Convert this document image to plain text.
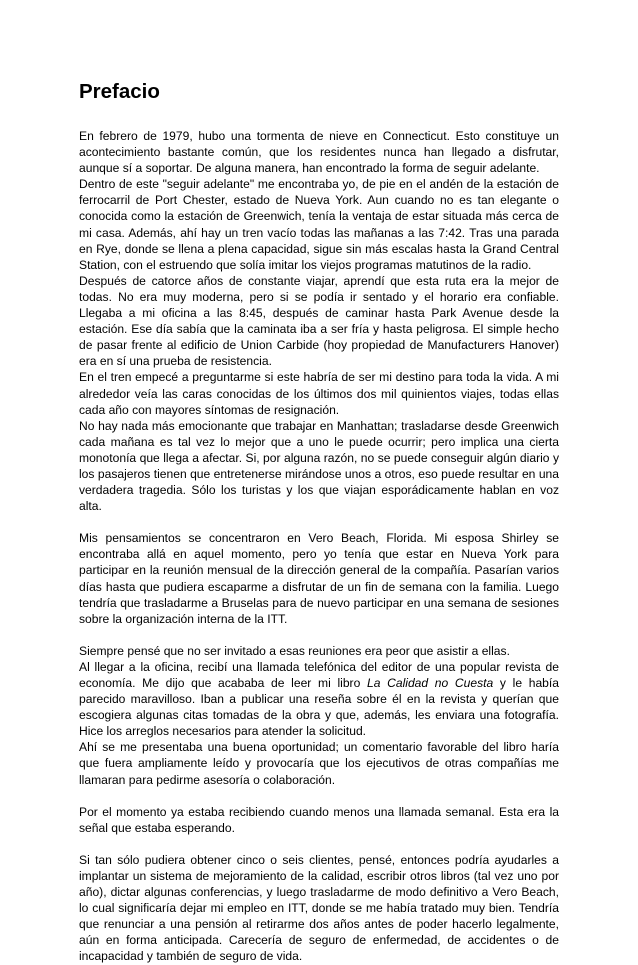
Prefacio

En febrero de 1979, hubo una tormenta de nieve en Connecticut. Esto constituye un acontecimiento bastante común, que los residentes nunca han llegado a disfrutar, aunque sí a soportar. De alguna manera, han encontrado la forma de seguir adelante.

Dentro de este "seguir adelante" me encontraba yo, de pie en el andén de la estación de ferrocarril de Port Chester, estado de Nueva York. Aun cuando no es tan elegante o conocida como la estación de Greenwich, tenía la ventaja de estar situada más cerca de mi casa. Además, ahí hay un tren vacío todas las mañanas a las 7:42. Tras una parada en Rye, donde se llena a plena capacidad, sigue sin más escalas hasta la Grand Central Station, con el estruendo que solía imitar los viejos programas matutinos de la radio.

Después de catorce años de constante viajar, aprendí que esta ruta era la mejor de todas. No era muy moderna, pero si se podía ir sentado y el horario era confiable. Llegaba a mi oficina a las 8:45, después de caminar hasta Park Avenue desde la estación. Ese día sabía que la caminata iba a ser fría y hasta peligrosa. El simple hecho de pasar frente al edificio de Union Carbide (hoy propiedad de Manufacturers Hanover) era en sí una prueba de resistencia.

En el tren empecé a preguntarme si este habría de ser mi destino para toda la vida. A mi alrededor veía las caras conocidas de los últimos dos mil quinientos viajes, todas ellas cada año con mayores síntomas de resignación.

No hay nada más emocionante que trabajar en Manhattan; trasladarse desde Greenwich cada mañana es tal vez lo mejor que a uno le puede ocurrir; pero implica una cierta monotonía que llega a afectar. Si, por alguna razón, no se puede conseguir algún diario y los pasajeros tienen que entretenerse mirándose unos a otros, eso puede resultar en una verdadera tragedia. Sólo los turistas y los que viajan esporádicamente hablan en voz alta.

Mis pensamientos se concentraron en Vero Beach, Florida. Mi esposa Shirley se encontraba allá en aquel momento, pero yo tenía que estar en Nueva York para participar en la reunión mensual de la dirección general de la compañía. Pasarían varios días hasta que pudiera escaparme a disfrutar de un fin de semana con la familia. Luego tendría que trasladarme a Bruselas para de nuevo participar en una semana de sesiones sobre la organización interna de la ITT.

Siempre pensé que no ser invitado a esas reuniones era peor que asistir a ellas.

Al llegar a la oficina, recibí una llamada telefónica del editor de una popular revista de economía. Me dijo que acababa de leer mi libro La Calidad no Cuesta y le había parecido maravilloso. Iban a publicar una reseña sobre él en la revista y querían que escogiera algunas citas tomadas de la obra y que, además, les enviara una fotografía. Hice los arreglos necesarios para atender la solicitud.

Ahí se me presentaba una buena oportunidad; un comentario favorable del libro haría que fuera ampliamente leído y provocaría que los ejecutivos de otras compañías me llamaran para pedirme asesoría o colaboración.

Por el momento ya estaba recibiendo cuando menos una llamada semanal. Esta era la señal que estaba esperando.

Si tan sólo pudiera obtener cinco o seis clientes, pensé, entonces podría ayudarles a implantar un sistema de mejoramiento de la calidad, escribir otros libros (tal vez uno por año), dictar algunas conferencias, y luego trasladarme de modo definitivo a Vero Beach, lo cual significaría dejar mi empleo en ITT, donde se me había tratado muy bien. Tendría que renunciar a una pensión al retirarme dos años antes de poder hacerlo legalmente, aún en forma anticipada. Carecería de seguro de enfermedad, de accidentes o de incapacidad y también de seguro de vida.
